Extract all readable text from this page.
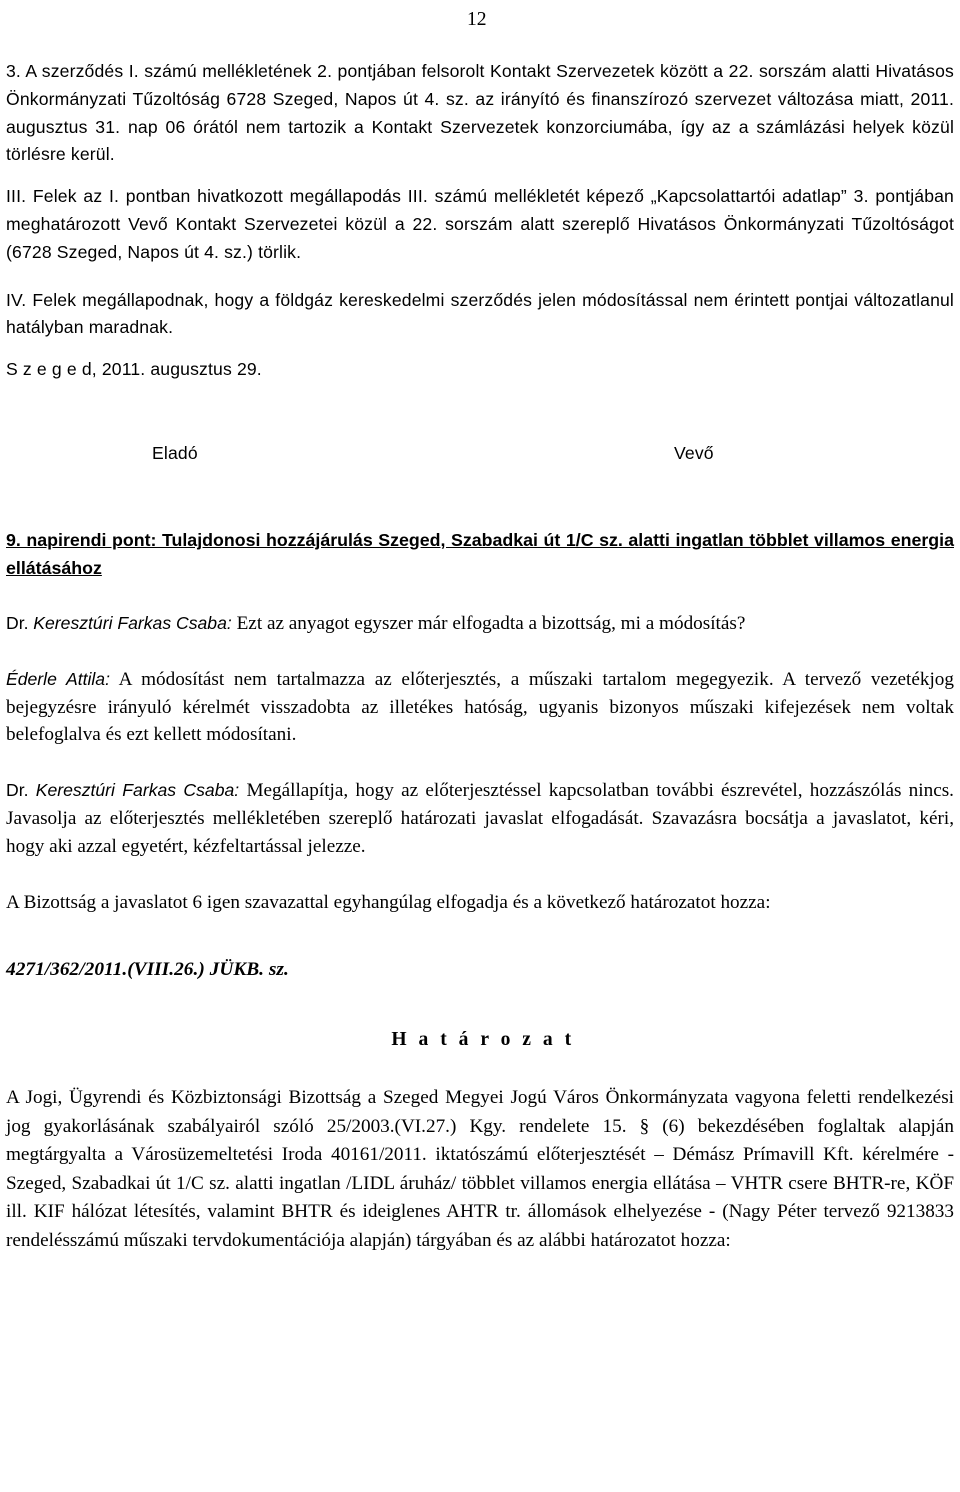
12

3. A szerződés I. számú mellékletének 2. pontjában felsorolt Kontakt Szervezetek között a 22. sorszám alatti Hivatásos Önkormányzati Tűzoltóság 6728 Szeged, Napos út 4. sz. az irányító és finanszírozó szervezet változása miatt, 2011. augusztus 31. nap 06 órától nem tartozik a Kontakt Szervezetek konzorciumába, így az a számlázási helyek közül törlésre kerül.

III. Felek az I. pontban hivatkozott megállapodás III. számú mellékletét képező „Kapcsolattartói adatlap” 3. pontjában meghatározott Vevő Kontakt Szervezetei közül a 22. sorszám alatt szereplő Hivatásos Önkormányzati Tűzoltóságot (6728 Szeged, Napos út 4. sz.) törlik.

IV. Felek megállapodnak, hogy a földgáz kereskedelmi szerződés jelen módosítással nem érintett pontjai változatlanul hatályban maradnak.

S z e g e d, 2011. augusztus 29.

Eladó	Vevő

9. napirendi pont: Tulajdonosi hozzájárulás Szeged, Szabadkai út 1/C sz. alatti ingatlan többlet villamos energia ellátásához

Dr. Keresztúri Farkas Csaba: Ezt az anyagot egyszer már elfogadta a bizottság, mi a módosítás?

Éderle Attila: A módosítást nem tartalmazza az előterjesztés, a műszaki tartalom megegyezik. A tervező vezetékjog bejegyzésre irányuló kérelmét visszadobta az illetékes hatóság, ugyanis bizonyos műszaki kifejezések nem voltak belefoglalva és ezt kellett módosítani.

Dr. Keresztúri Farkas Csaba: Megállapítja, hogy az előterjesztéssel kapcsolatban további észrevétel, hozzászólás nincs. Javasolja az előterjesztés mellékletében szereplő határozati javaslat elfogadását. Szavazásra bocsátja a javaslatot, kéri, hogy aki azzal egyetért, kézfeltartással jelezze.

A Bizottság a javaslatot 6 igen szavazattal egyhangúlag elfogadja és a következő határozatot hozza:

4271/362/2011.(VIII.26.) JÜKB. sz.

H a t á r o z a t

A Jogi, Ügyrendi és Közbiztonsági Bizottság a Szeged Megyei Jogú Város Önkormányzata vagyona feletti rendelkezési jog gyakorlásának szabályairól szóló 25/2003.(VI.27.) Kgy. rendelete 15. § (6) bekezdésében foglaltak alapján megtárgyalta a Városüzemeltetési Iroda 40161/2011. iktatószámú előterjesztését – Démász Prímavill Kft. kérelmére - Szeged, Szabadkai út 1/C sz. alatti ingatlan /LIDL áruház/ többlet villamos energia ellátása – VHTR csere BHTR-re, KÖF ill. KIF hálózat létesítés, valamint BHTR és ideiglenes AHTR tr. állomások elhelyezése - (Nagy Péter tervező 9213833 rendelésszámú műszaki tervdokumentációja alapján) tárgyában és az alábbi határozatot hozza:
